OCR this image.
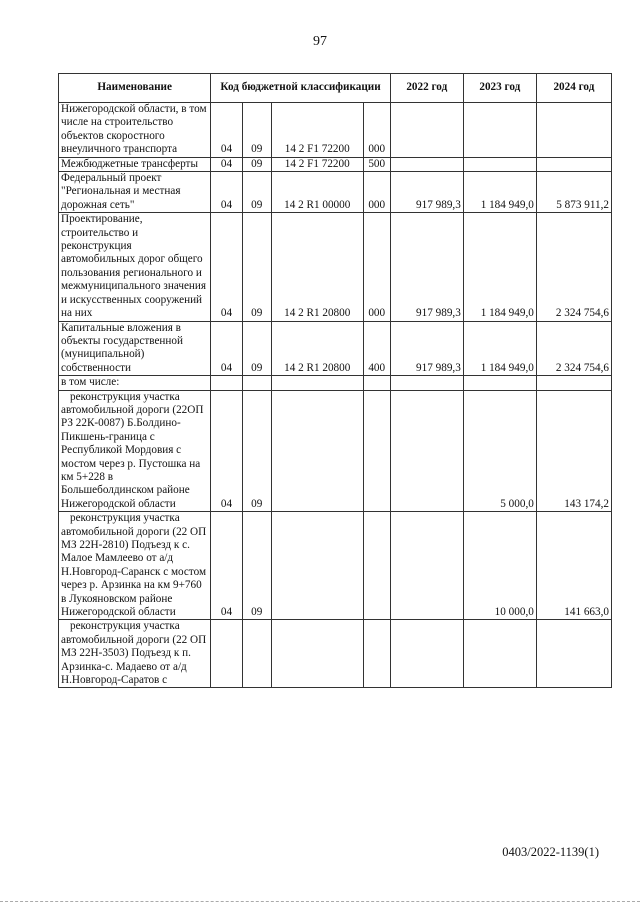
97
Наименование	Код бюджетной классификации				2022 год	2023 год	2024 год
Нижегородской области, в том числе на строительство объектов скоростного внеуличного транспорта	04	09	14 2 F1 72200	000			
Межбюджетные трансферты	04	09	14 2 F1 72200	500			
Федеральный проект "Региональная и местная дорожная сеть"	04	09	14 2 R1 00000	000	917 989,3	1 184 949,0	5 873 911,2
Проектирование, строительство и реконструкция автомобильных дорог общего пользования регионального и межмуниципального значения и искусственных сооружений на них	04	09	14 2 R1 20800	000	917 989,3	1 184 949,0	2 324 754,6
Капитальные вложения в объекты государственной (муниципальной) собственности	04	09	14 2 R1 20800	400	917 989,3	1 184 949,0	2 324 754,6
в том числе:							
реконструкция участка автомобильной дороги (22ОП РЗ 22К-0087) Б.Болдино-Пикшень-граница с Республикой Мордовия с мостом через р. Пустошка на км 5+228 в Большеболдинском районе Нижегородской области	04	09				5 000,0	143 174,2
реконструкция участка автомобильной дороги (22 ОП МЗ 22Н-2810) Подъезд к с. Малое Мамлеево от а/д Н.Новгород-Саранск с мостом через р. Арзинка на км 9+760 в Лукояновском районе Нижегородской области	04	09				10 000,0	141 663,0
реконструкция участка автомобильной дороги (22 ОП МЗ 22Н-3503) Подъезд к п. Арзинка-с. Мадаево от а/д Н.Новгород-Саратов с							
0403/2022-1139(1)
